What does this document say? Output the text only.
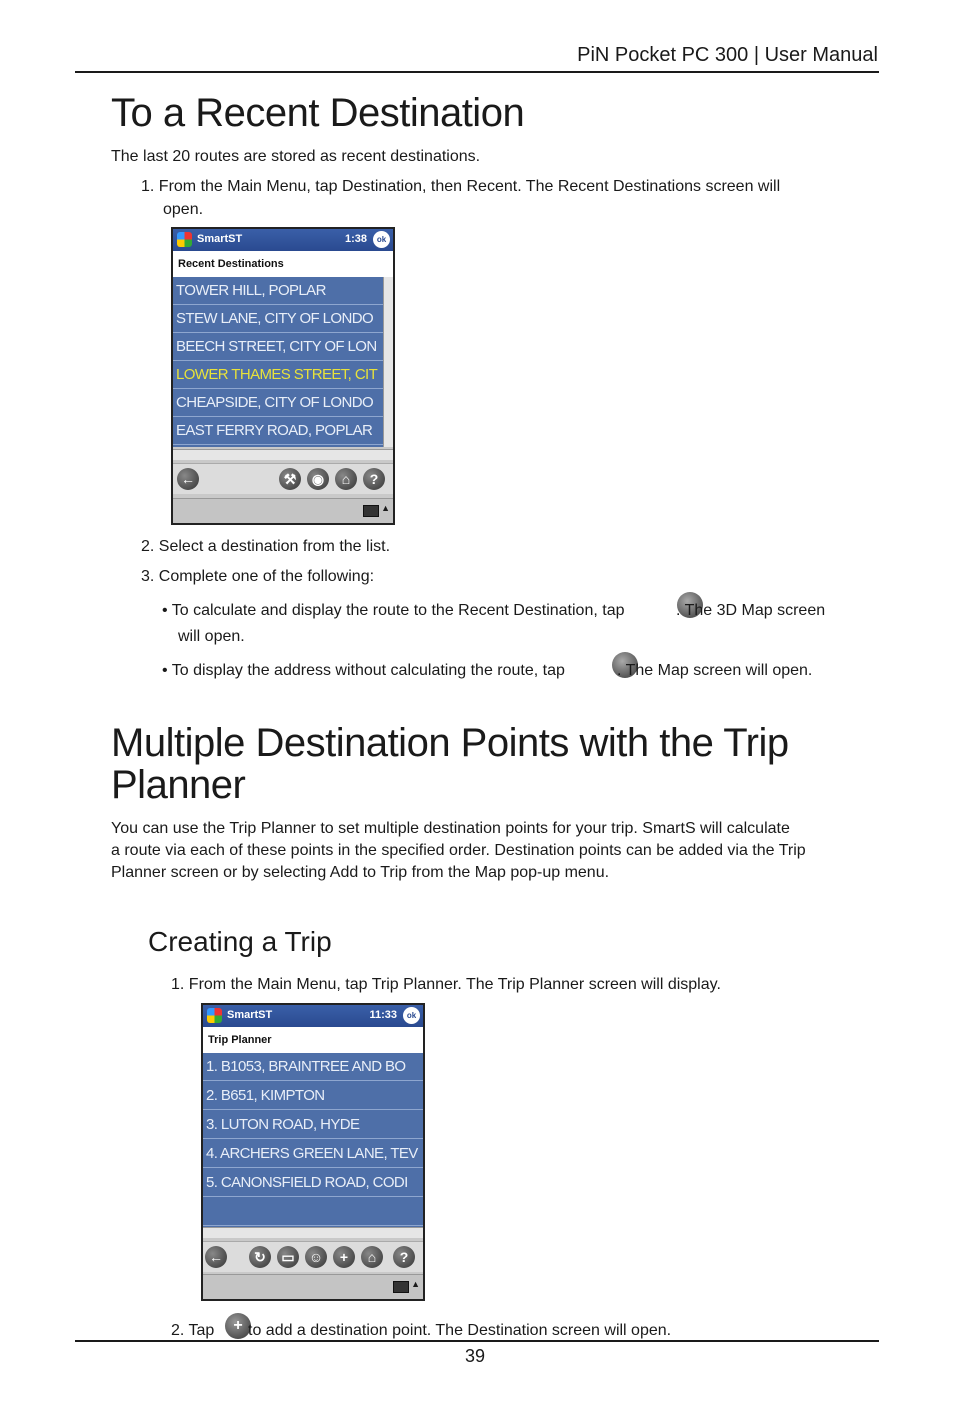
PiN Pocket PC 300 | User Manual
To a Recent Destination
The last 20 routes are stored as recent destinations.
1. From the Main Menu, tap Destination, then Recent. The Recent Destinations screen will
open.
SmartST	1:38	ok
Recent Destinations
TOWER HILL, POPLAR
STEW LANE, CITY OF LONDO
BEECH STREET, CITY OF LON
LOWER THAMES STREET, CIT
CHEAPSIDE, CITY OF LONDO
EAST FERRY ROAD, POPLAR
←	⚒	◉	⌂	?
▲
2. Select a destination from the list.
3. Complete one of the following:
• To calculate and display the route to the Recent Destination, tap	. The 3D Map screen
will open.
• To display the address without calculating the route, tap	. The Map screen will open.
Multiple Destination Points with the Trip
Planner
You can use the Trip Planner to set multiple destination points for your trip. SmartS will calculate
a route via each of these points in the specified order. Destination points can be added via the Trip
Planner screen or by selecting Add to Trip from the Map pop-up menu.
Creating a Trip
1. From the Main Menu, tap Trip Planner. The Trip Planner screen will display.
SmartST	11:33	ok
Trip Planner
1. B1053, BRAINTREE AND BO
2. B651, KIMPTON
3. LUTON ROAD, HYDE
4. ARCHERS GREEN LANE, TEV
5. CANONSFIELD ROAD, CODI
←	↻	▭	☺	+	⌂	?
▲
2. Tap	+ to add a destination point. The Destination screen will open.
39
